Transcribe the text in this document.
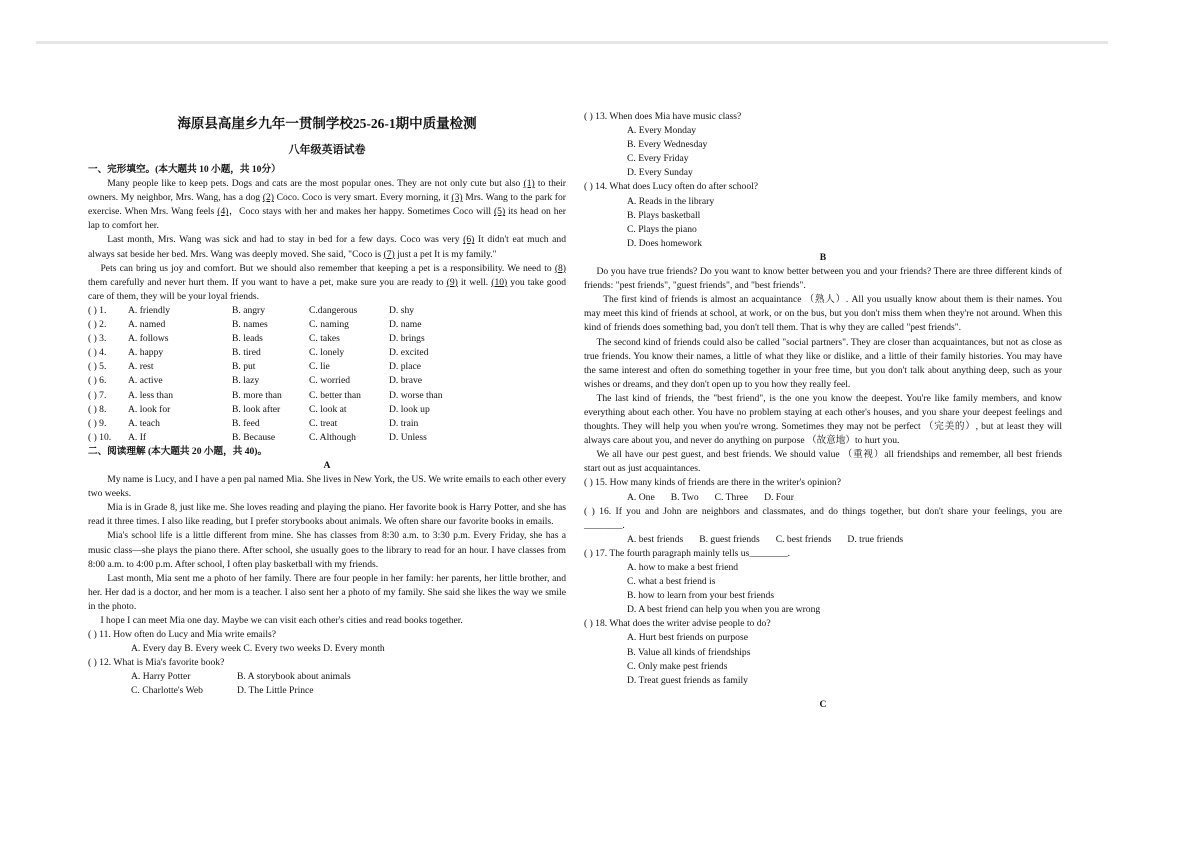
海原县高崖乡九年一贯制学校25-26-1期中质量检测
八年级英语试卷
一、完形填空。(本大题共 10 小题，共 10分）
Many people like to keep pets. Dogs and cats are the most popular ones. They are not only cute but also (1) to their owners. My neighbor, Mrs. Wang, has a dog (2) Coco. Coco is very smart. Every morning, it (3) Mrs. Wang to the park for exercise. When Mrs. Wang feels (4)，Coco stays with her and makes her happy. Sometimes Coco will (5) its head on her lap to comfort her.
Last month, Mrs. Wang was sick and had to stay in bed for a few days. Coco was very (6) It didn't eat much and always sat beside her bed. Mrs. Wang was deeply moved. She said, "Coco is (7) just a pet It is my family."
Pets can bring us joy and comfort. But we should also remember that keeping a pet is a responsibility. We need to (8) them carefully and never hurt them. If you want to have a pet, make sure you are ready to (9) it well. (10) you take good care of them, they will be your loyal friends.
( ) 1.	A. friendly	B. angry	C.dangerous	D. shy
( ) 2.	A. named	B. names	C. naming	D. name
( ) 3.	A. follows	B. leads	C. takes	D. brings
( ) 4.	A. happy	B. tired	C. lonely	D. excited
( ) 5.	A. rest	B. put	C. lie	D. place
( ) 6.	A. active	B. lazy	C. worried	D. brave
( ) 7.	A. less than	B. more than	C. better than	D. worse than
( ) 8.	A. look for	B. look after	C. look at	D. look up
( ) 9.	A. teach	B. feed	C. treat	D. train
( ) 10.	A. If	B. Because	C. Although	D. Unless
二、阅读理解 (本大题共 20 小题，共 40)。
A
My name is Lucy, and I have a pen pal named Mia. She lives in New York, the US. We write emails to each other every two weeks.
Mia is in Grade 8, just like me. She loves reading and playing the piano. Her favorite book is Harry Potter, and she has read it three times. I also like reading, but I prefer storybooks about animals. We often share our favorite books in emails.
Mia's school life is a little different from mine. She has classes from 8:30 a.m. to 3:30 p.m. Every Friday, she has a music class—she plays the piano there. After school, she usually goes to the library to read for an hour. I have classes from 8:00 a.m. to 4:00 p.m. After school, I often play basketball with my friends.
Last month, Mia sent me a photo of her family. There are four people in her family: her parents, her little brother, and her. Her dad is a doctor, and her mom is a teacher. I also sent her a photo of my family. She said she likes the way we smile in the photo.
I hope I can meet Mia one day. Maybe we can visit each other's cities and read books together.
( ) 11. How often do Lucy and Mia write emails?
A. Every day B. Every week C. Every two weeks D. Every month
( ) 12. What is Mia's favorite book?
A. Harry Potter	B. A storybook about animals
C. Charlotte's Web	D. The Little Prince
( ) 13. When does Mia have music class?
A. Every Monday
B. Every Wednesday
C. Every Friday
D. Every Sunday
( ) 14. What does Lucy often do after school?
A. Reads in the library
B. Plays basketball
C. Plays the piano
D. Does homework
B
Do you have true friends? Do you want to know better between you and your friends? There are three different kinds of friends: "pest friends", "guest friends", and "best friends".
The first kind of friends is almost an acquaintance （熟人）. All you usually know about them is their names. You may meet this kind of friends at school, at work, or on the bus, but you don't miss them when they're not around. When this kind of friends does something bad, you don't tell them. That is why they are called "pest friends".
The second kind of friends could also be called "social partners". They are closer than acquaintances, but not as close as true friends. You know their names, a little of what they like or dislike, and a little of their family histories. You may have the same interest and often do something together in your free time, but you don't talk about anything deep, such as your wishes or dreams, and they don't open up to you how they really feel.
The last kind of friends, the "best friend", is the one you know the deepest. You're like family members, and know everything about each other. You have no problem staying at each other's houses, and you share your deepest feelings and thoughts. They will help you when you're wrong. Sometimes they may not be perfect （完美的）, but at least they will always care about you, and never do anything on purpose （故意地）to hurt you.
We all have our pest guest, and best friends. We should value （重视）all friendships and remember, all best friends start out as just acquaintances.
( ) 15. How many kinds of friends are there in the writer's opinion?
A. One B. Two C. Three D. Four
( ) 16. If you and John are neighbors and classmates, and do things together, but don't share your feelings, you are ________.
A. best friends B. guest friends C. best friends D. true friends
( ) 17. The fourth paragraph mainly tells us________.
A. how to make a best friend
C. what a best friend is
B. how to learn from your best friends
D. A best friend can help you when you are wrong
( ) 18. What does the writer advise people to do?
A. Hurt best friends on purpose
B. Value all kinds of friendships
C. Only make pest friends
D. Treat guest friends as family
C
